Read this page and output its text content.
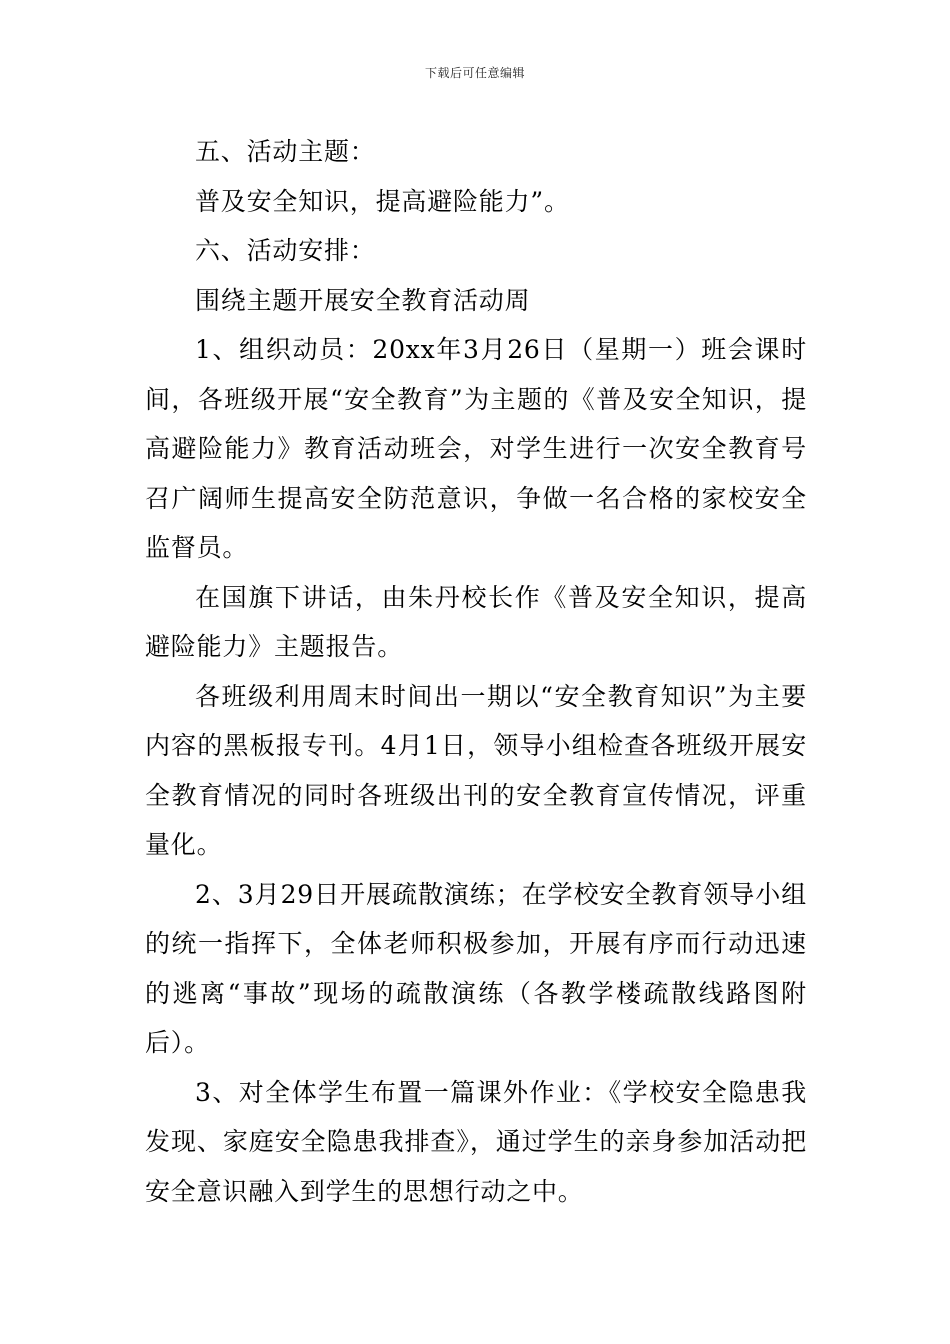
下载后可任意编辑

五、活动主题：

普及安全知识，提高避险能力”。

六、活动安排：

围绕主题开展安全教育活动周

1、组织动员：20xx年3月26日（星期一）班会课时间，各班级开展“安全教育”为主题的《普及安全知识，提高避险能力》教育活动班会，对学生进行一次安全教育号召广阔师生提高安全防范意识，争做一名合格的家校安全监督员。

在国旗下讲话，由朱丹校长作《普及安全知识，提高避险能力》主题报告。

各班级利用周末时间出一期以“安全教育知识”为主要内容的黑板报专刊。4月1日，领导小组检查各班级开展安全教育情况的同时各班级出刊的安全教育宣传情况，评重量化。

2、3月29日开展疏散演练；在学校安全教育领导小组的统一指挥下，全体老师积极参加，开展有序而行动迅速的逃离“事故”现场的疏散演练（各教学楼疏散线路图附后）。

3、对全体学生布置一篇课外作业：《学校安全隐患我发现、家庭安全隐患我排查》，通过学生的亲身参加活动把安全意识融入到学生的思想行动之中。
